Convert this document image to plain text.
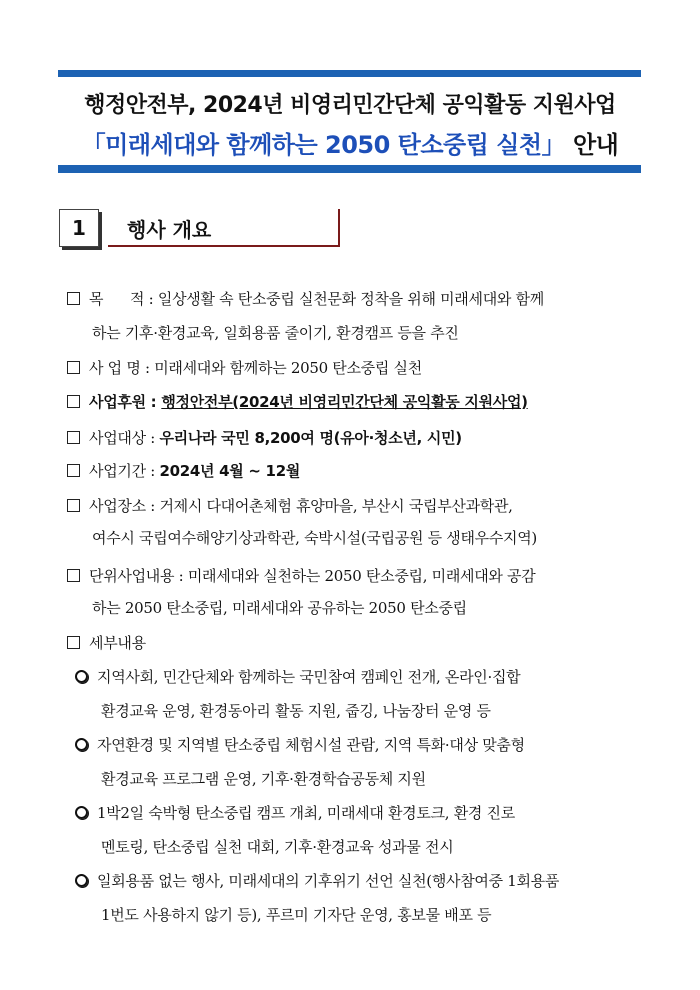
행정안전부, 2024년 비영리민간단체 공익활동 지원사업
「미래세대와 함께하는 2050 탄소중립 실천」 안내
1	행사 개요
목      적 : 일상생활 속 탄소중립 실천문화 정착을 위해 미래세대와 함께
하는 기후·환경교육, 일회용품 줄이기, 환경캠프 등을 추진
사 업 명 : 미래세대와 함께하는 2050 탄소중립 실천
사업후원 : 행정안전부(2024년 비영리민간단체 공익활동 지원사업)
사업대상 : 우리나라 국민 8,200여 명(유아·청소년, 시민)
사업기간 : 2024년 4월 ~ 12월
사업장소 : 거제시 다대어촌체험 휴양마을, 부산시 국립부산과학관,
여수시 국립여수해양기상과학관, 숙박시설(국립공원 등 생태우수지역)
단위사업내용 : 미래세대와 실천하는 2050 탄소중립, 미래세대와 공감
하는 2050 탄소중립, 미래세대와 공유하는 2050 탄소중립
세부내용
지역사회, 민간단체와 함께하는 국민참여 캠페인 전개, 온라인·집합
환경교육 운영, 환경동아리 활동 지원, 줍깅, 나눔장터 운영 등
자연환경 및 지역별 탄소중립 체험시설 관람, 지역 특화·대상 맞춤형
환경교육 프로그램 운영, 기후·환경학습공동체 지원
1박2일 숙박형 탄소중립 캠프 개최, 미래세대 환경토크, 환경 진로
멘토링, 탄소중립 실천 대회, 기후·환경교육 성과물 전시
일회용품 없는 행사, 미래세대의 기후위기 선언 실천(행사참여중 1회용품
1번도 사용하지 않기 등), 푸르미 기자단 운영, 홍보물 배포 등
